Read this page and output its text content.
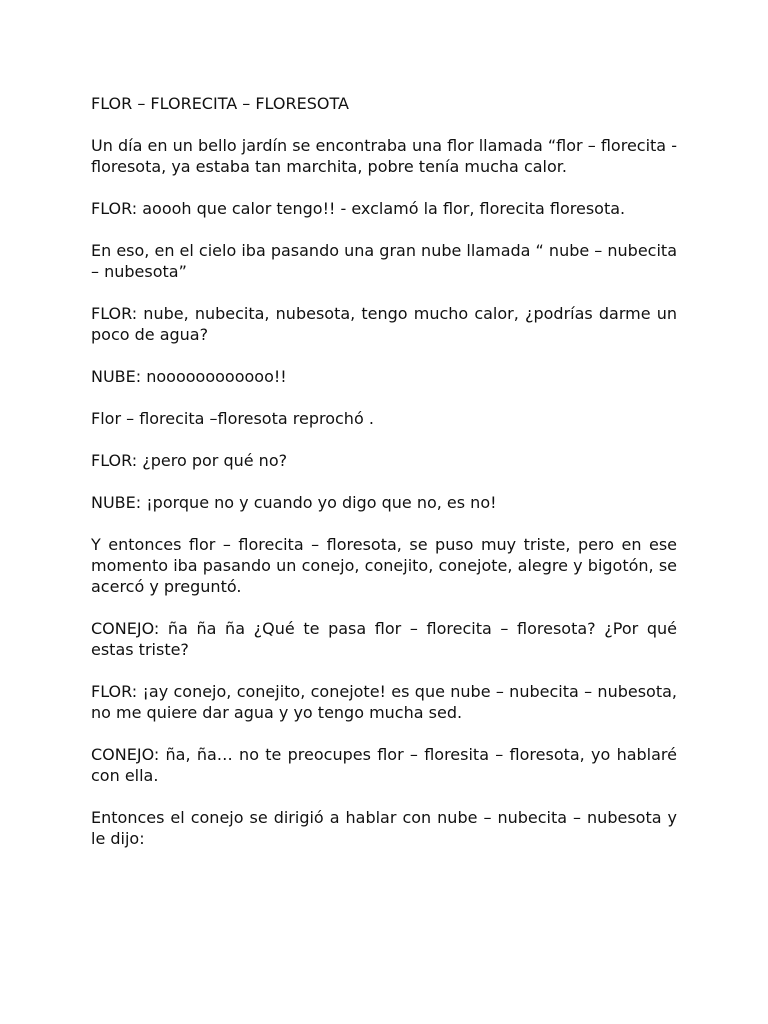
FLOR – FLORECITA – FLORESOTA

Un día en un bello jardín se encontraba una flor llamada “flor – florecita - floresota, ya estaba tan marchita, pobre tenía mucha calor.

FLOR: aoooh que calor tengo!! - exclamó la flor, florecita floresota.

En eso, en el cielo iba pasando una gran nube llamada “ nube – nubecita – nubesota”

FLOR: nube, nubecita, nubesota, tengo mucho calor, ¿podrías darme un poco de agua?

NUBE: noooooooooooo!!

Flor – florecita –floresota reprochó .

FLOR: ¿pero por qué no?

NUBE: ¡porque no y cuando yo digo que no, es no!

Y entonces flor – florecita – floresota, se puso muy triste, pero en ese momento iba pasando un conejo, conejito, conejote, alegre y bigotón, se acercó y preguntó.

CONEJO: ña ña ña ¿Qué te pasa flor – florecita – floresota? ¿Por qué estas triste?

FLOR: ¡ay conejo, conejito, conejote! es que nube – nubecita – nubesota, no me quiere dar agua y yo tengo mucha sed.

CONEJO: ña, ña… no te preocupes flor – floresita – floresota, yo hablaré con ella.

Entonces el conejo se dirigió a hablar con nube – nubecita – nubesota y le dijo:
